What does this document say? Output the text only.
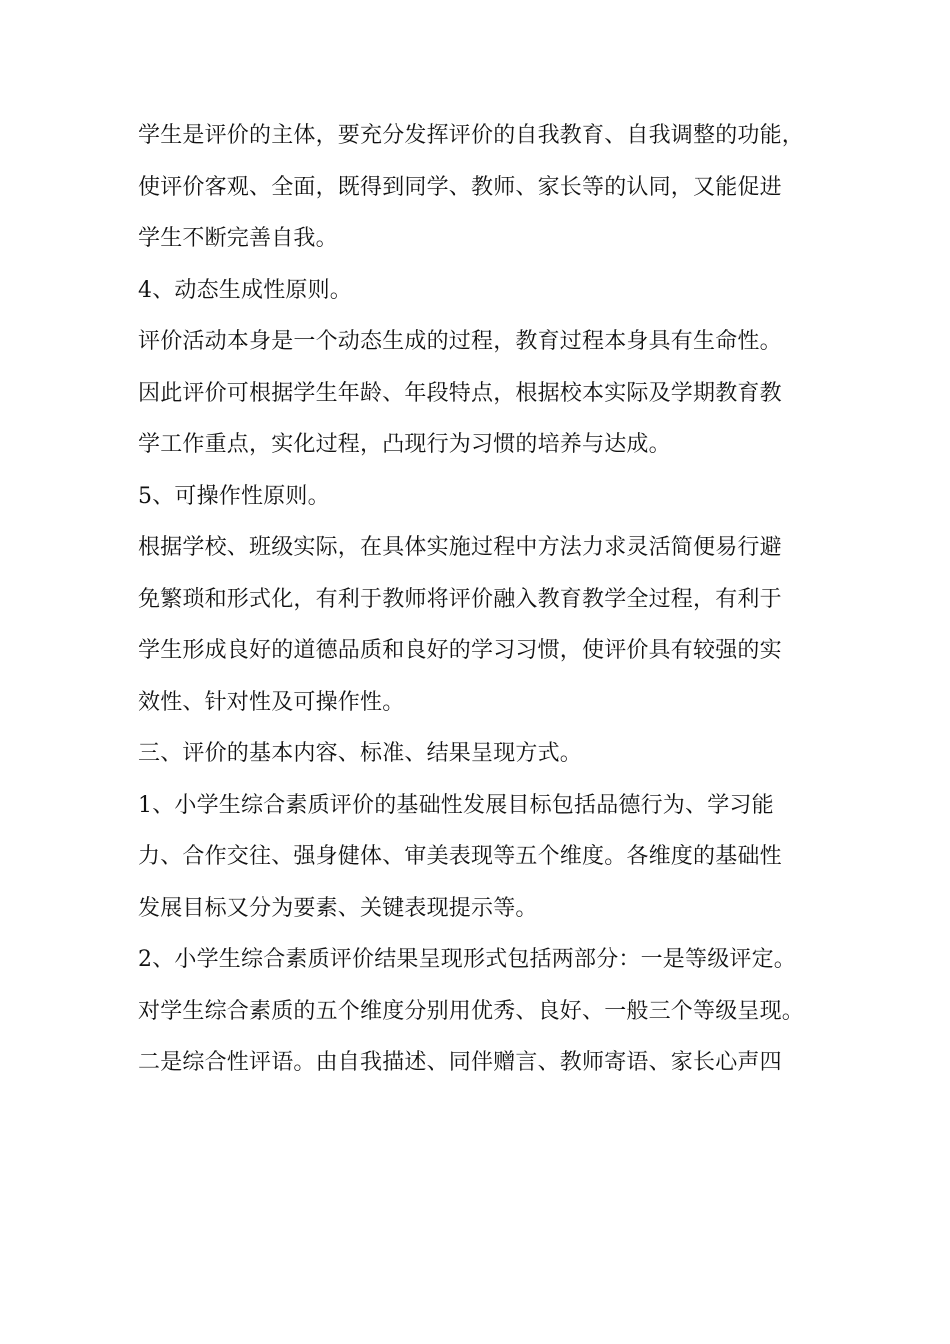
学生是评价的主体，要充分发挥评价的自我教育、自我调整的功能，
使评价客观、全面，既得到同学、教师、家长等的认同，又能促进
学生不断完善自我。
4、动态生成性原则。
评价活动本身是一个动态生成的过程，教育过程本身具有生命性。
因此评价可根据学生年龄、年段特点，根据校本实际及学期教育教
学工作重点，实化过程，凸现行为习惯的培养与达成。
5、可操作性原则。
根据学校、班级实际，在具体实施过程中方法力求灵活简便易行避
免繁琐和形式化，有利于教师将评价融入教育教学全过程，有利于
学生形成良好的道德品质和良好的学习习惯，使评价具有较强的实
效性、针对性及可操作性。
三、评价的基本内容、标准、结果呈现方式。
1、小学生综合素质评价的基础性发展目标包括品德行为、学习能
力、合作交往、强身健体、审美表现等五个维度。各维度的基础性
发展目标又分为要素、关键表现提示等。
2、小学生综合素质评价结果呈现形式包括两部分：一是等级评定。
对学生综合素质的五个维度分别用优秀、良好、一般三个等级呈现。
二是综合性评语。由自我描述、同伴赠言、教师寄语、家长心声四
